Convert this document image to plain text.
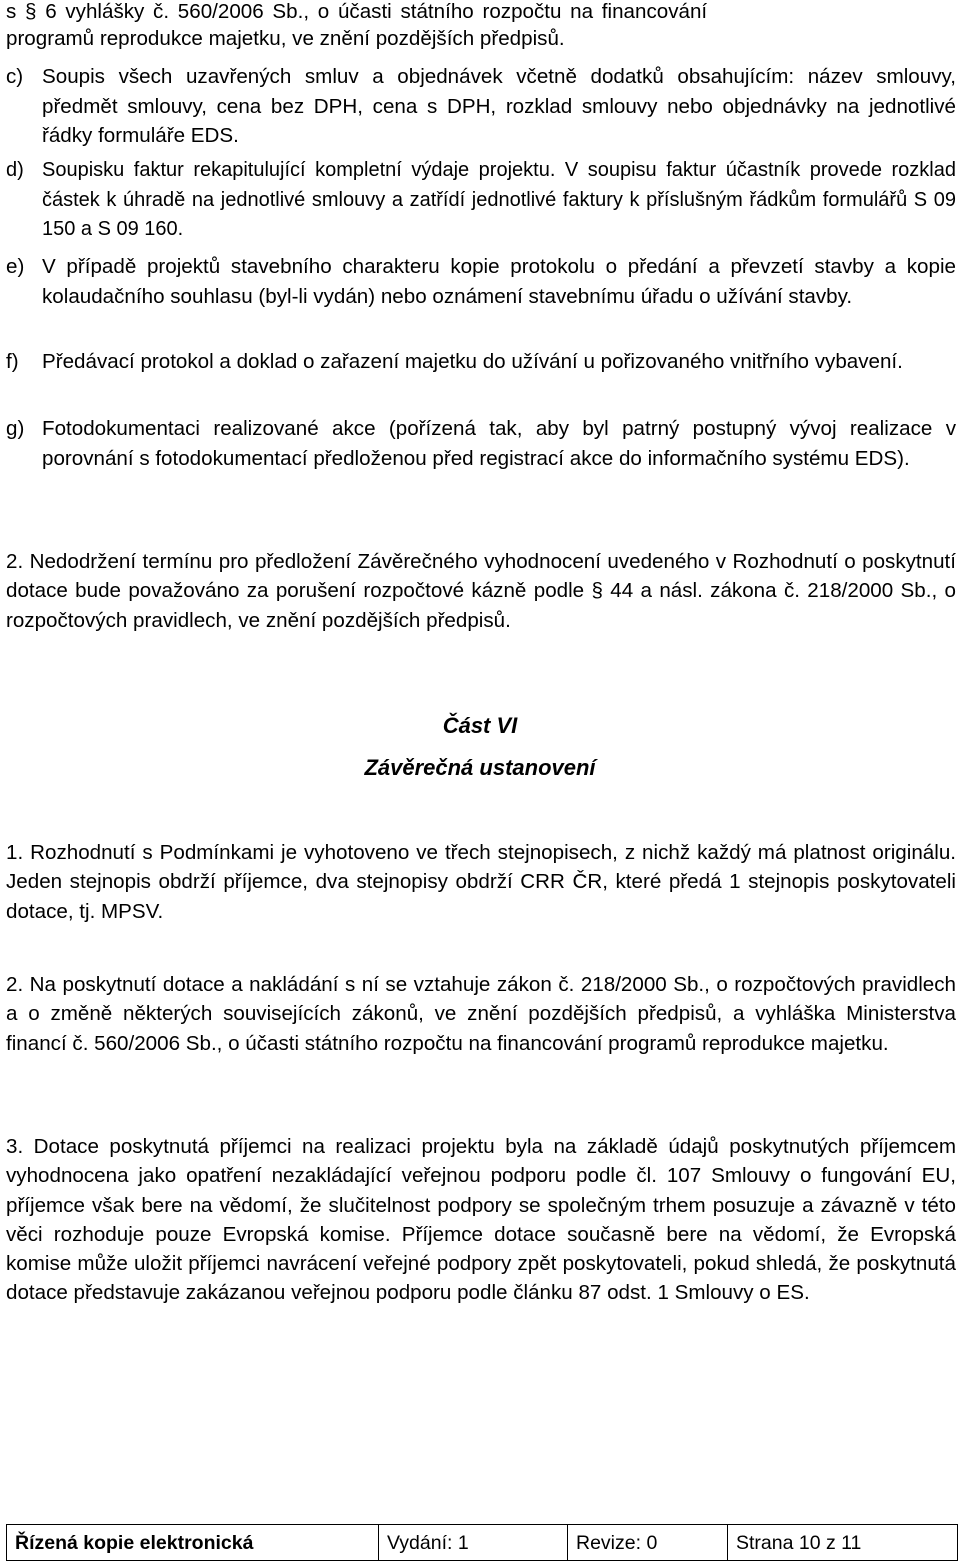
s § 6 vyhlášky č. 560/2006 Sb., o účasti státního rozpočtu na financování
programů reprodukce majetku, ve znění pozdějších předpisů.
c) Soupis všech uzavřených smluv a objednávek včetně dodatků obsahujícím: název smlouvy, předmět smlouvy, cena bez DPH, cena s DPH, rozklad smlouvy nebo objednávky na jednotlivé řádky formuláře EDS.
d) Soupisku faktur rekapitulující kompletní výdaje projektu. V soupisu faktur účastník provede rozklad částek k úhradě na jednotlivé smlouvy a zatřídí jednotlivé faktury k příslušným řádkům formulářů S 09 150 a S 09 160.
e) V případě projektů stavebního charakteru kopie protokolu o předání a převzetí stavby a kopie kolaudačního souhlasu (byl-li vydán) nebo oznámení stavebnímu úřadu o užívání stavby.
f) Předávací protokol a doklad o zařazení majetku do užívání u pořizovaného vnitřního vybavení.
g) Fotodokumentaci realizované akce (pořízená tak, aby byl patrný postupný vývoj realizace v porovnání s fotodokumentací předloženou před registrací akce do informačního systému EDS).
2. Nedodržení termínu pro předložení Závěrečného vyhodnocení uvedeného v Rozhodnutí o poskytnutí dotace bude považováno za porušení rozpočtové kázně podle § 44 a násl. zákona č. 218/2000 Sb., o rozpočtových pravidlech, ve znění pozdějších předpisů.
Část VI
Závěrečná ustanovení
1. Rozhodnutí s Podmínkami je vyhotoveno ve třech stejnopisech, z nichž každý má platnost originálu. Jeden stejnopis obdrží příjemce, dva stejnopisy obdrží CRR ČR, které předá 1 stejnopis poskytovateli dotace, tj. MPSV.
2. Na poskytnutí dotace a nakládání s ní se vztahuje zákon č. 218/2000 Sb., o rozpočtových pravidlech a o změně některých souvisejících zákonů, ve znění pozdějších předpisů, a vyhláška Ministerstva financí č. 560/2006 Sb., o účasti státního rozpočtu na financování programů reprodukce majetku.
3. Dotace poskytnutá příjemci na realizaci projektu byla na základě údajů poskytnutých příjemcem vyhodnocena jako opatření nezakládající veřejnou podporu podle čl. 107 Smlouvy o fungování EU, příjemce však bere na vědomí, že slučitelnost podpory se společným trhem posuzuje a závazně v této věci rozhoduje pouze Evropská komise. Příjemce dotace současně bere na vědomí, že Evropská komise může uložit příjemci navrácení veřejné podpory zpět poskytovateli, pokud shledá, že poskytnutá dotace představuje zakázanou veřejnou podporu podle článku 87 odst. 1 Smlouvy o ES.
Řízená kopie elektronická	Vydání: 1	Revize: 0	Strana 10 z 11
